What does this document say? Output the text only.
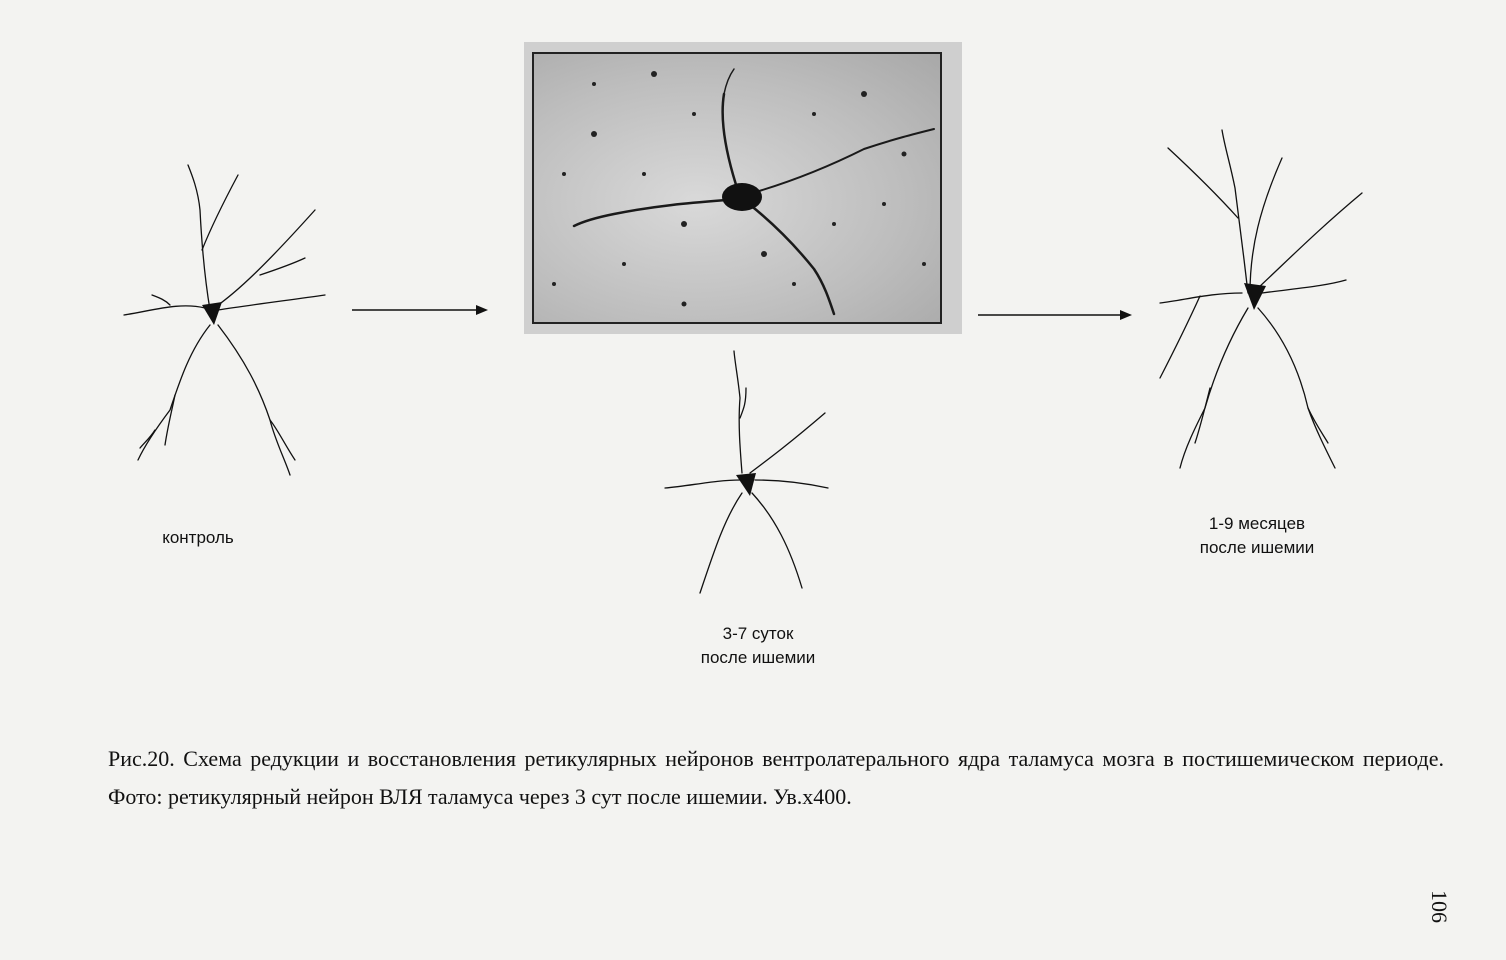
контроль
3-7 суток
после ишемии
1-9 месяцев
после ишемии
Рис.20. Схема редукции и восстановления ретикулярных нейронов вентролатерального ядра таламуса мозга в постишемическом периоде. Фото: ретикулярный нейрон ВЛЯ таламуса через 3 сут после ишемии. Ув.х400.
106
